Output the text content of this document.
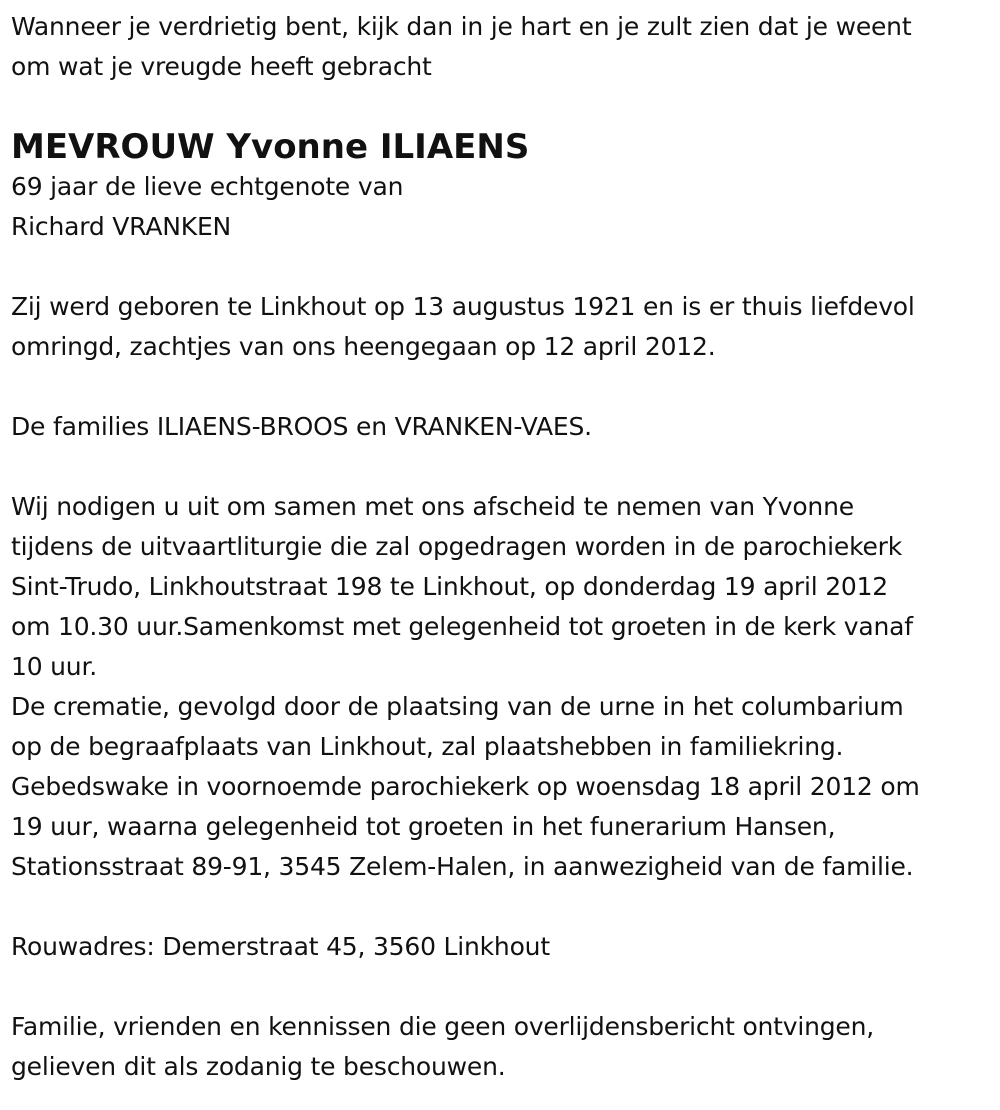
Wanneer je verdrietig bent, kijk dan in je hart en je zult zien dat je weent
om wat je vreugde heeft gebracht
MEVROUW Yvonne ILIAENS
69 jaar de lieve echtgenote van
Richard VRANKEN
Zij werd geboren te Linkhout op 13 augustus 1921 en is er thuis liefdevol
omringd, zachtjes van ons heengegaan op 12 april 2012.
De families ILIAENS-BROOS en VRANKEN-VAES.
Wij nodigen u uit om samen met ons afscheid te nemen van Yvonne
tijdens de uitvaartliturgie die zal opgedragen worden in de parochiekerk
Sint-Trudo, Linkhoutstraat 198 te Linkhout, op donderdag 19 april 2012
om 10.30 uur.Samenkomst met gelegenheid tot groeten in de kerk vanaf
10 uur.
De crematie, gevolgd door de plaatsing van de urne in het columbarium
op de begraafplaats van Linkhout, zal plaatshebben in familiekring.
Gebedswake in voornoemde parochiekerk op woensdag 18 april 2012 om
19 uur, waarna gelegenheid tot groeten in het funerarium Hansen,
Stationsstraat 89-91, 3545 Zelem-Halen, in aanwezigheid van de familie.
Rouwadres: Demerstraat 45, 3560 Linkhout
Familie, vrienden en kennissen die geen overlijdensbericht ontvingen,
gelieven dit als zodanig te beschouwen.
